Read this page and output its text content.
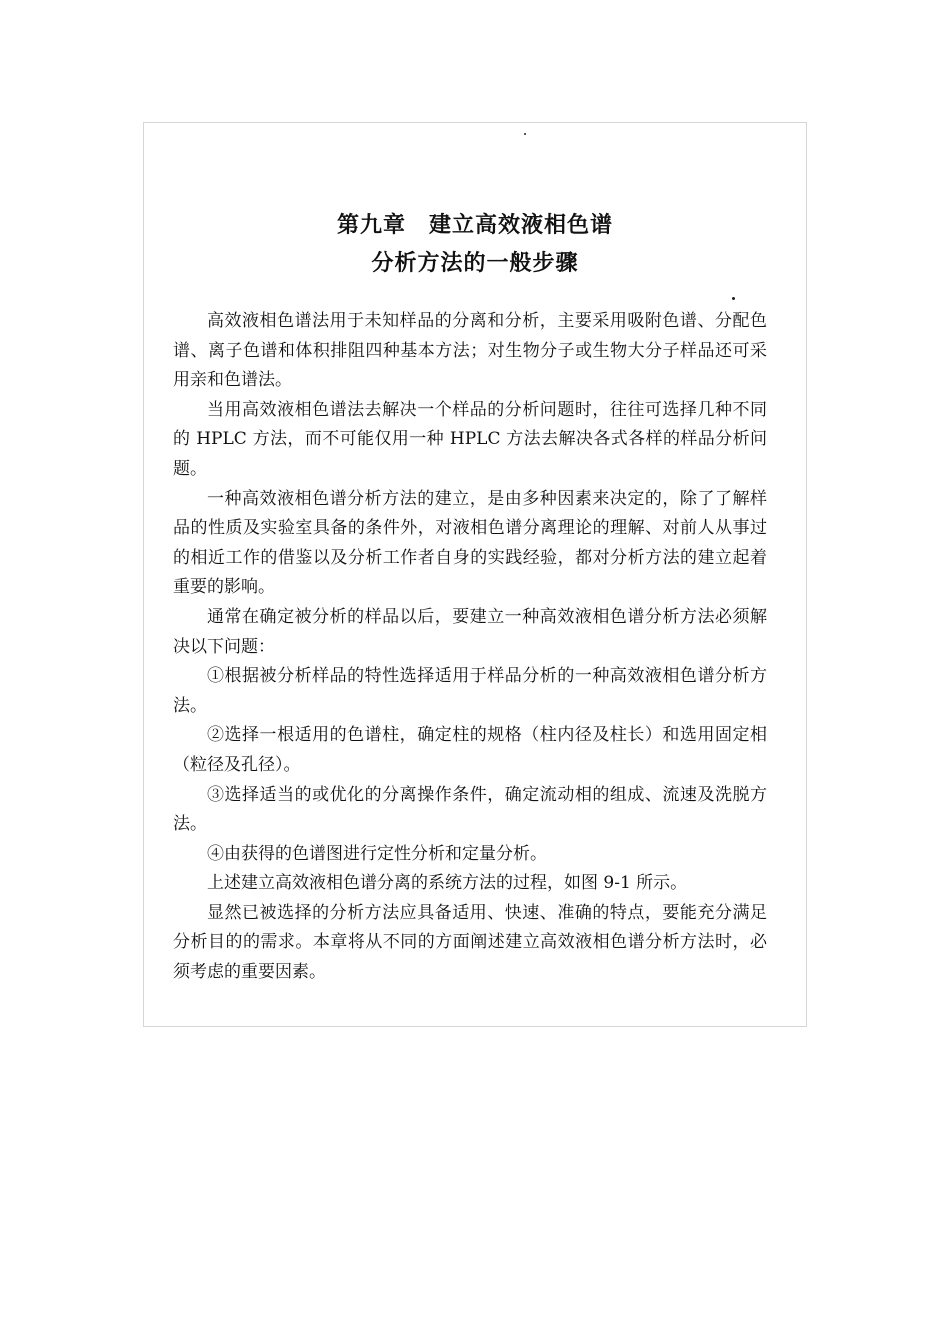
第九章　建立高效液相色谱
分析方法的一般步骤

高效液相色谱法用于未知样品的分离和分析，主要采用吸附色谱、分配色谱、离子色谱和体积排阻四种基本方法；对生物分子或生物大分子样品还可采用亲和色谱法。

当用高效液相色谱法去解决一个样品的分析问题时，往往可选择几种不同的 HPLC 方法，而不可能仅用一种 HPLC 方法去解决各式各样的样品分析问题。

一种高效液相色谱分析方法的建立，是由多种因素来决定的，除了了解样品的性质及实验室具备的条件外，对液相色谱分离理论的理解、对前人从事过的相近工作的借鉴以及分析工作者自身的实践经验，都对分析方法的建立起着重要的影响。

通常在确定被分析的样品以后，要建立一种高效液相色谱分析方法必须解决以下问题：

①根据被分析样品的特性选择适用于样品分析的一种高效液相色谱分析方法。

②选择一根适用的色谱柱，确定柱的规格（柱内径及柱长）和选用固定相（粒径及孔径）。

③选择适当的或优化的分离操作条件，确定流动相的组成、流速及洗脱方法。

④由获得的色谱图进行定性分析和定量分析。

上述建立高效液相色谱分离的系统方法的过程，如图 9-1 所示。

显然已被选择的分析方法应具备适用、快速、准确的特点，要能充分满足分析目的的需求。本章将从不同的方面阐述建立高效液相色谱分析方法时，必须考虑的重要因素。
